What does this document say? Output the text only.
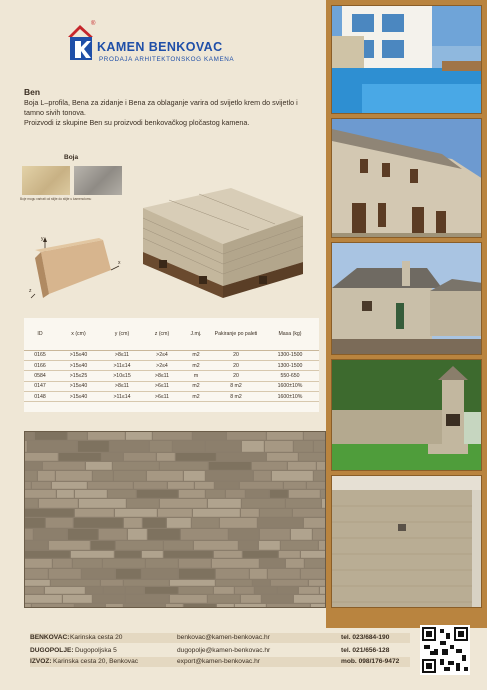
®
KAMEN BENKOVAC
PRODAJA ARHITEKTONSKOG KAMENA
Ben
Boja L–profila, Bena za zidanje i Bena za oblaganje varira od svijetlo krem do svijetlo i tamno sivih tonova.
Proizvodi iz skupine Ben su proizvodi benkovačkog pločastog kamena.
Boja
Boje mogu varirati od stijte do stijte u kamenolomu
y
x
z
ID	x (cm)	y (cm)	z (cm)	J.mj.	Pakiranje po paleti	Masa (kg)
0165	>15≤40	>8≤11	>2≤4	m2	20	1300-1500
0166	>15≤40	>11≤14	>2≤4	m2	20	1300-1500
0584	>15≤25	>10≤15	>8≤11	m	20	550-650
0147	>15≤40	>8≤11	>6≤11	m2	8 m2	1600±10%
0148	>15≤40	>11≤14	>6≤11	m2	8 m2	1600±10%
BENKOVAC: Karinska cesta 20	benkovac@kamen-benkovac.hr	tel. 023/684-190
DUGOPOLJE: Dugopoljska 5	dugopolje@kamen-benkovac.hr	tel. 021/656-128
IZVOZ: Karinska cesta 20, Benkovac	export@kamen-benkovac.hr	mob. 098/176-9472
